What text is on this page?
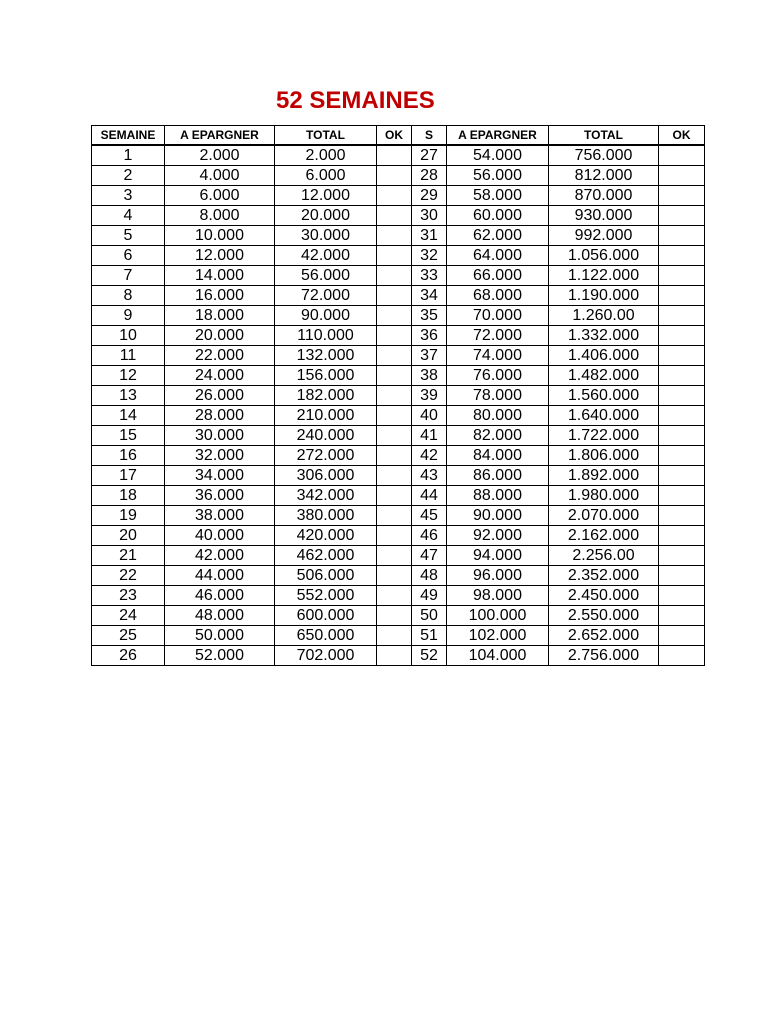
52 SEMAINES
SEMAINE	A EPARGNER	TOTAL	OK	S	A EPARGNER	TOTAL	OK
1	2.000	2.000		27	54.000	756.000	
2	4.000	6.000		28	56.000	812.000	
3	6.000	12.000		29	58.000	870.000	
4	8.000	20.000		30	60.000	930.000	
5	10.000	30.000		31	62.000	992.000	
6	12.000	42.000		32	64.000	1.056.000	
7	14.000	56.000		33	66.000	1.122.000	
8	16.000	72.000		34	68.000	1.190.000	
9	18.000	90.000		35	70.000	1.260.00	
10	20.000	110.000		36	72.000	1.332.000	
11	22.000	132.000		37	74.000	1.406.000	
12	24.000	156.000		38	76.000	1.482.000	
13	26.000	182.000		39	78.000	1.560.000	
14	28.000	210.000		40	80.000	1.640.000	
15	30.000	240.000		41	82.000	1.722.000	
16	32.000	272.000		42	84.000	1.806.000	
17	34.000	306.000		43	86.000	1.892.000	
18	36.000	342.000		44	88.000	1.980.000	
19	38.000	380.000		45	90.000	2.070.000	
20	40.000	420.000		46	92.000	2.162.000	
21	42.000	462.000		47	94.000	2.256.00	
22	44.000	506.000		48	96.000	2.352.000	
23	46.000	552.000		49	98.000	2.450.000	
24	48.000	600.000		50	100.000	2.550.000	
25	50.000	650.000		51	102.000	2.652.000	
26	52.000	702.000		52	104.000	2.756.000	
